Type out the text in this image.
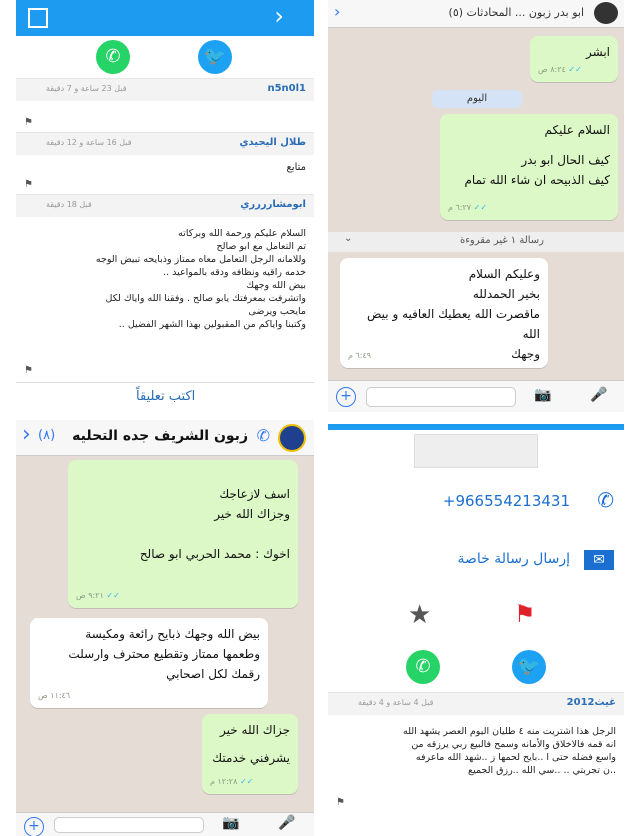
›
✆	🐦
n5n0l1
قبل 23 ساعة و 7 دقيقة
⚑
طلال اليحيدي
قبل 16 ساعة و 12 دقيقة
متابع
⚑
ابومشارررري
قبل 18 دقيقة
السلام عليكم ورحمة الله وبركاته
تم التعامل مع ابو صالح
وللامانه الرجل التعامل معاه ممتاز وذبايحه تبيض الوجه
خدمه راقيه ونظافه ودقه بالمواعيد ..
بيض الله وجهك
واتشرفت بمعرفتك يابو صالح . وفقنا الله واياك لكل
مايحب ويرضى
وكتبنا واياكم من المقبولين بهذا الشهر الفضيل ..
⚑
اكتب تعليقاً
ابو بدر زبون ... المحادثات (٥)
‹
ابشر
✓✓ ٨:٢٤ ص
اليوم
السلام عليكم
كيف الحال ابو بدر
كيف الذبيحه ان شاء الله تمام
✓✓ ٦:٢٧ م
رسالة ١ غير مقروءة
⌄
وعليكم السلام
بخير الحمدلله
ماقصرت الله يعطيك العافيه و بيض الله
وجهك
٦:٤٩ م
+	📷	🎤
✆
زبون الشريف جده التحليه
(٨)
‹
اسف لازعاجك
وجزاك الله خير
اخوك : محمد الحربي ابو صالح
✓✓ ٩:٢١ ص
بيض الله وجهك ذبايح رائعة ومكيسة
وطعمها ممتاز وتقطيع محترف وارسلت
رقمك لكل اصحابي
١١:٤٦ ص
جزاك الله خير
يشرفني خدمتك
✓✓ ١٢:٢٨ م
+	📷	🎤
✆
+966554213431
✉
إرسال رسالة خاصة
★	⚑
✆	🐦
غيث2012
قبل 4 ساعة و 4 دقيقة
الرجل هذا اشتريت منه ٤ طليان اليوم العصر يشهد الله
انه قمه فالاخلاق والأمانه وسمح فالبيع ربي يرزقه من
واسع فضله حتى ا ..بايح لحمها ز ..شهد الله ماعرفه
..ن تجربتي .. ..سي الله ..رزق الجميع
⚑
